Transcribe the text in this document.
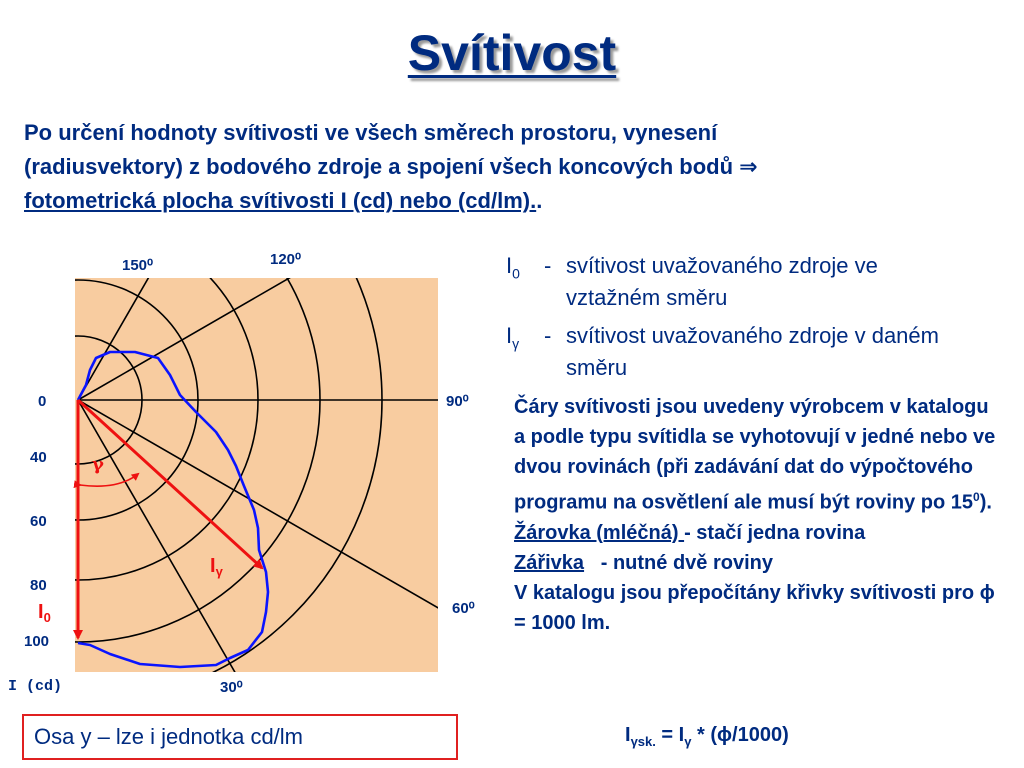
Svítivost
Po určení hodnoty svítivosti ve všech směrech prostoru, vynesení
(radiusvektory) z bodového zdroje a spojení všech koncových bodů ⇒
fotometrická plocha svítivosti I (cd) nebo (cd/lm)..
γ
$I_\gamma$
$I_0$
150⁰	120⁰
90⁰
60⁰
30⁰
0
40
60
80
100
I (cd)
$I_0$ - svítivost uvažovaného zdroje ve vztažném směru
$I_\gamma$ - svítivost uvažovaného zdroje v daném směru

Čáry svítivosti jsou uvedeny výrobcem v katalogu a podle typu svítidla se vyhotovují v jedné nebo ve dvou rovinách (při zadávání dat do výpočtového programu na osvětlení ale musí být roviny po $15^0$).

Žárovka (mléčná) - stačí jedna rovina

Zářivka - nutné dvě roviny

V katalogu jsou přepočítány křivky svítivosti pro ϕ = 1000 lm.

$I_{\gamma sk.} = I_\gamma * (\phi/1000)$
Osa y – lze i jednotka cd/lm
